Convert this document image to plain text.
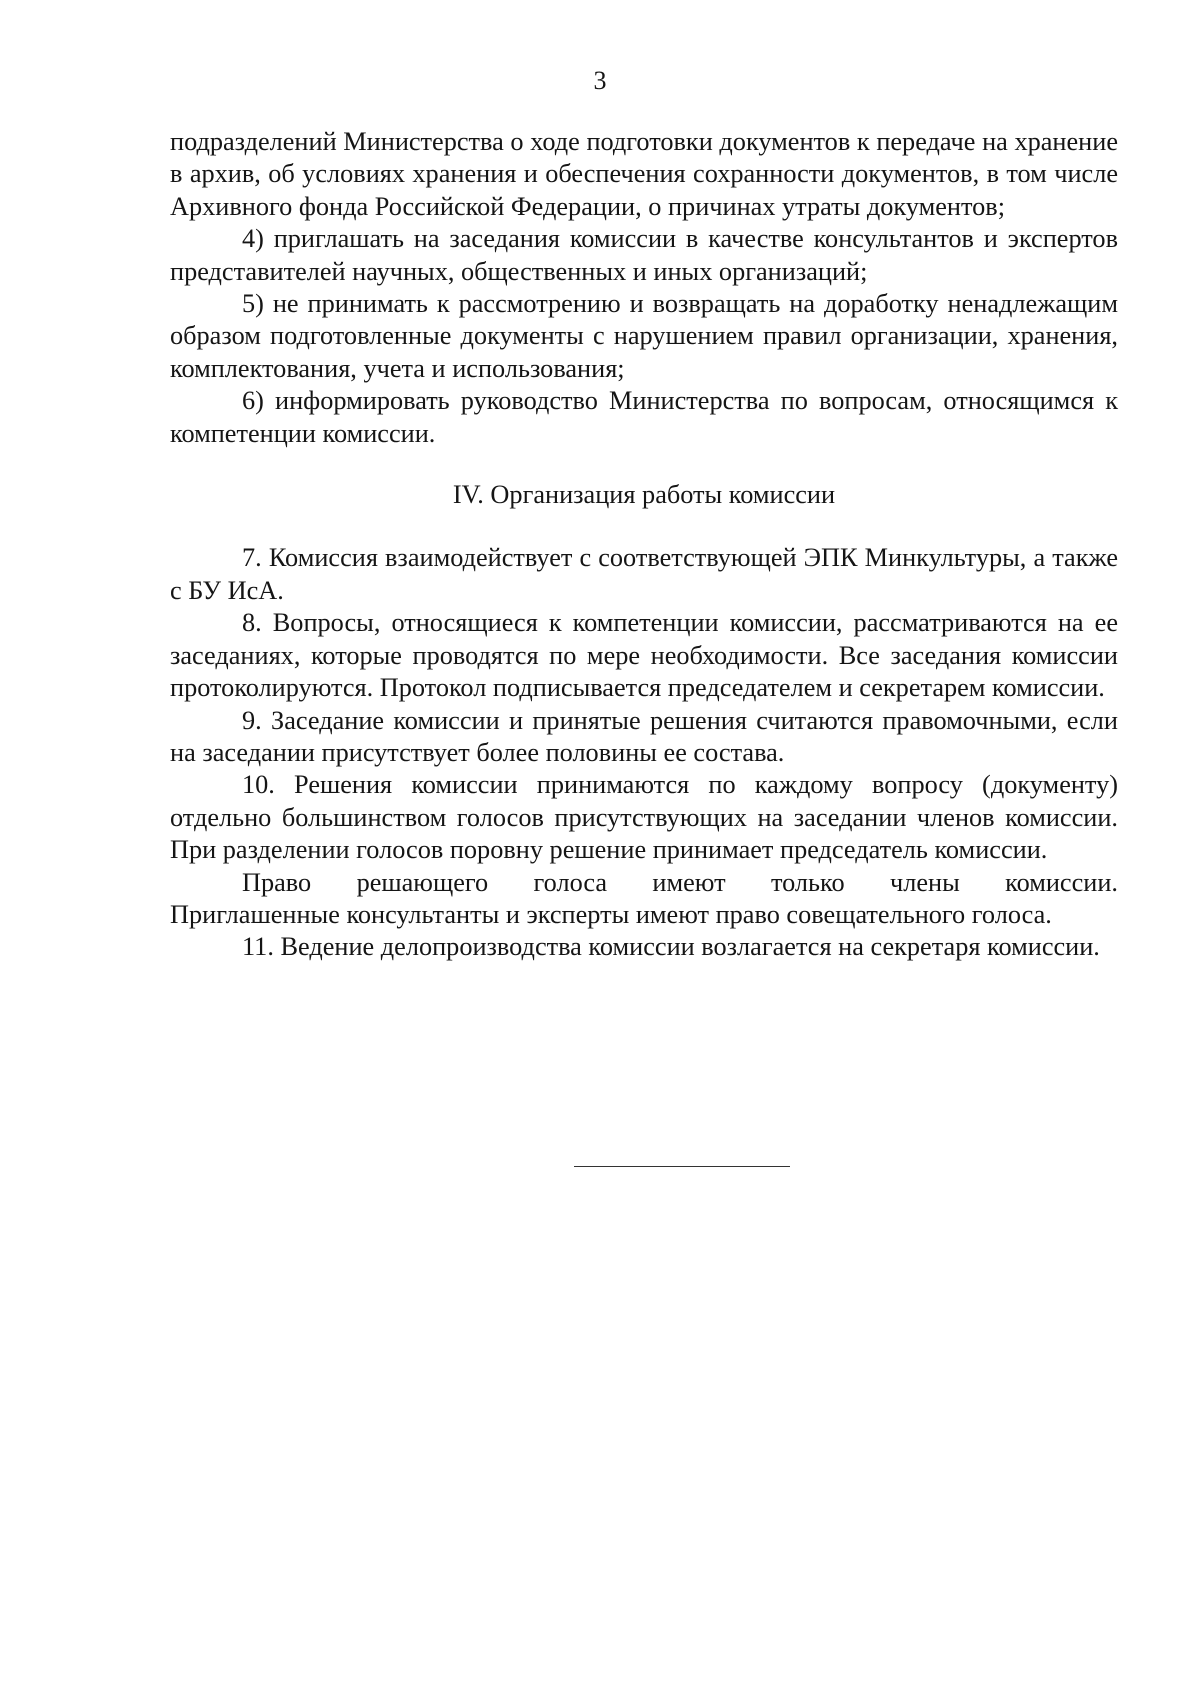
3

подразделений Министерства о ходе подготовки документов к передаче на хранение в архив, об условиях хранения и обеспечения сохранности документов, в том числе Архивного фонда Российской Федерации, о причинах утраты документов;

4) приглашать на заседания комиссии в качестве консультантов и экспертов представителей научных, общественных и иных организаций;

5) не принимать к рассмотрению и возвращать на доработку ненадлежащим образом подготовленные документы с нарушением правил организации, хранения, комплектования, учета и использования;

6) информировать руководство Министерства по вопросам, относящимся к компетенции комиссии.

IV. Организация работы комиссии

7. Комиссия взаимодействует с соответствующей ЭПК Минкультуры, а также с БУ ИсА.

8. Вопросы, относящиеся к компетенции комиссии, рассматриваются на ее заседаниях, которые проводятся по мере необходимости. Все заседания комиссии протоколируются. Протокол подписывается председателем и секретарем комиссии.

9. Заседание комиссии и принятые решения считаются правомочными, если на заседании присутствует более половины ее состава.

10. Решения комиссии принимаются по каждому вопросу (документу) отдельно большинством голосов присутствующих на заседании членов комиссии. При разделении голосов поровну решение принимает председатель комиссии.

Право решающего голоса имеют только члены комиссии.

Приглашенные консультанты и эксперты имеют право совещательного голоса.

11. Ведение делопроизводства комиссии возлагается на секретаря комиссии.
